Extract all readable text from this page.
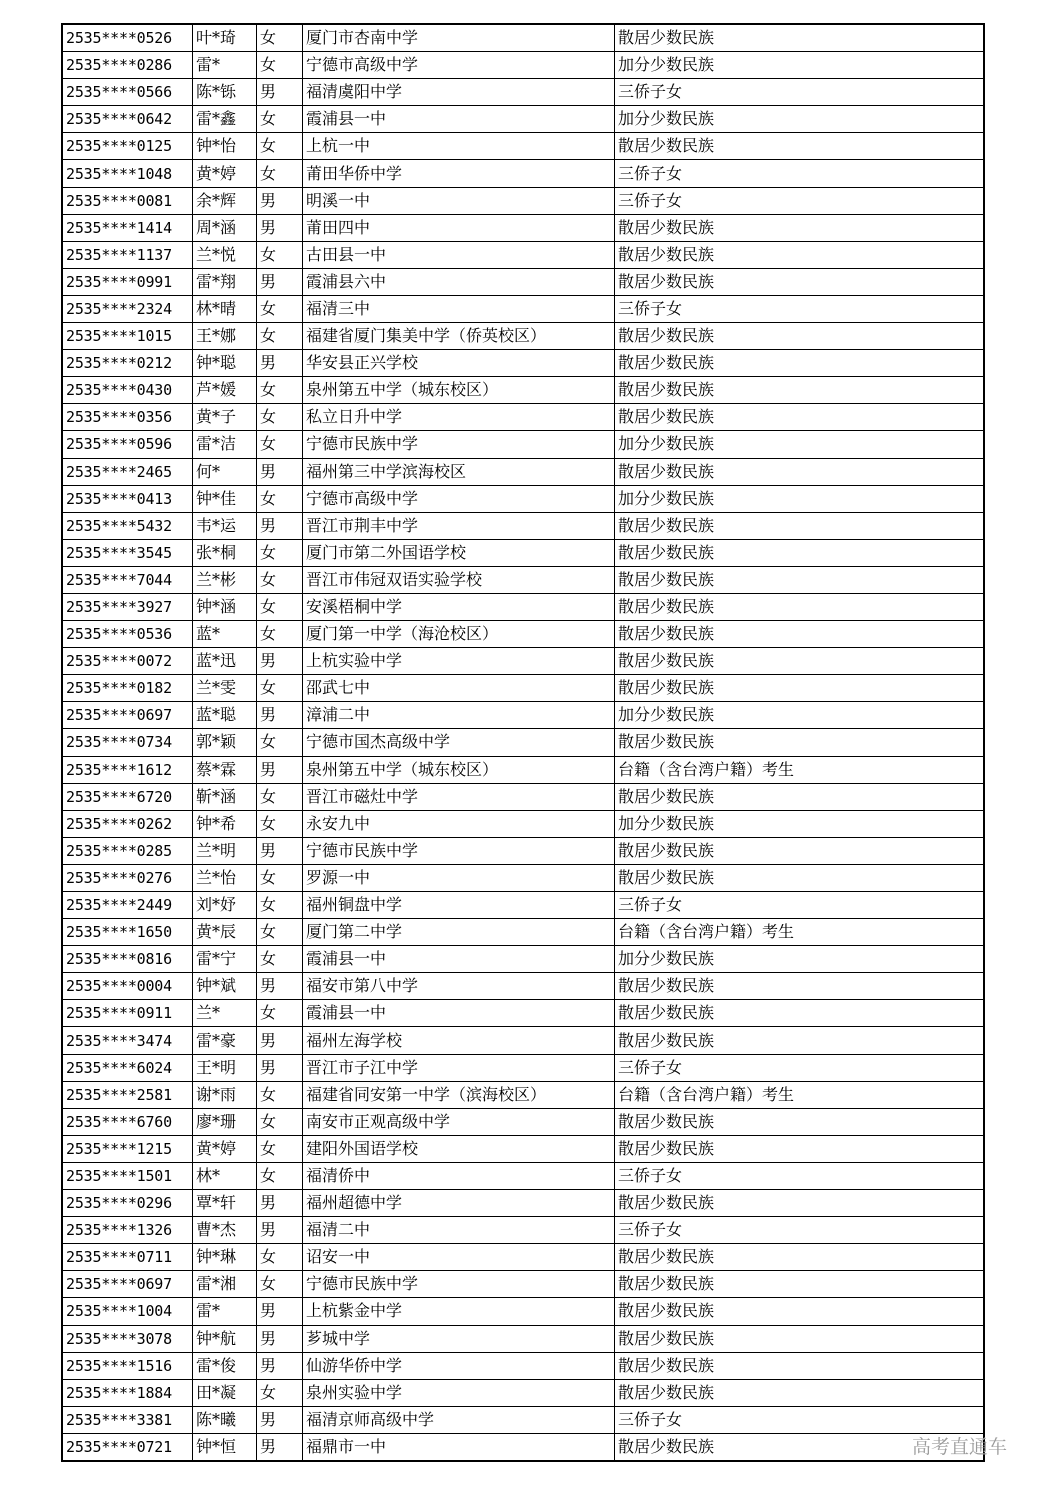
2535****0526	叶*琦	女	厦门市杏南中学	散居少数民族
2535****0286	雷*	女	宁德市高级中学	加分少数民族
2535****0566	陈*铄	男	福清虞阳中学	三侨子女
2535****0642	雷*鑫	女	霞浦县一中	加分少数民族
2535****0125	钟*怡	女	上杭一中	散居少数民族
2535****1048	黄*婷	女	莆田华侨中学	三侨子女
2535****0081	余*辉	男	明溪一中	三侨子女
2535****1414	周*涵	男	莆田四中	散居少数民族
2535****1137	兰*悦	女	古田县一中	散居少数民族
2535****0991	雷*翔	男	霞浦县六中	散居少数民族
2535****2324	林*晴	女	福清三中	三侨子女
2535****1015	王*娜	女	福建省厦门集美中学（侨英校区）	散居少数民族
2535****0212	钟*聪	男	华安县正兴学校	散居少数民族
2535****0430	芦*媛	女	泉州第五中学（城东校区）	散居少数民族
2535****0356	黄*子	女	私立日升中学	散居少数民族
2535****0596	雷*洁	女	宁德市民族中学	加分少数民族
2535****2465	何*	男	福州第三中学滨海校区	散居少数民族
2535****0413	钟*佳	女	宁德市高级中学	加分少数民族
2535****5432	韦*运	男	晋江市荆丰中学	散居少数民族
2535****3545	张*桐	女	厦门市第二外国语学校	散居少数民族
2535****7044	兰*彬	女	晋江市伟冠双语实验学校	散居少数民族
2535****3927	钟*涵	女	安溪梧桐中学	散居少数民族
2535****0536	蓝*	女	厦门第一中学（海沧校区）	散居少数民族
2535****0072	蓝*迅	男	上杭实验中学	散居少数民族
2535****0182	兰*雯	女	邵武七中	散居少数民族
2535****0697	蓝*聪	男	漳浦二中	加分少数民族
2535****0734	郭*颖	女	宁德市国杰高级中学	散居少数民族
2535****1612	蔡*霖	男	泉州第五中学（城东校区）	台籍（含台湾户籍）考生
2535****6720	靳*涵	女	晋江市磁灶中学	散居少数民族
2535****0262	钟*希	女	永安九中	加分少数民族
2535****0285	兰*明	男	宁德市民族中学	散居少数民族
2535****0276	兰*怡	女	罗源一中	散居少数民族
2535****2449	刘*妤	女	福州铜盘中学	三侨子女
2535****1650	黄*辰	女	厦门第二中学	台籍（含台湾户籍）考生
2535****0816	雷*宁	女	霞浦县一中	加分少数民族
2535****0004	钟*斌	男	福安市第八中学	散居少数民族
2535****0911	兰*	女	霞浦县一中	散居少数民族
2535****3474	雷*豪	男	福州左海学校	散居少数民族
2535****6024	王*明	男	晋江市子江中学	三侨子女
2535****2581	谢*雨	女	福建省同安第一中学（滨海校区）	台籍（含台湾户籍）考生
2535****6760	廖*珊	女	南安市正观高级中学	散居少数民族
2535****1215	黄*婷	女	建阳外国语学校	散居少数民族
2535****1501	林*	女	福清侨中	三侨子女
2535****0296	覃*轩	男	福州超德中学	散居少数民族
2535****1326	曹*杰	男	福清二中	三侨子女
2535****0711	钟*琳	女	诏安一中	散居少数民族
2535****0697	雷*湘	女	宁德市民族中学	散居少数民族
2535****1004	雷*	男	上杭紫金中学	散居少数民族
2535****3078	钟*航	男	芗城中学	散居少数民族
2535****1516	雷*俊	男	仙游华侨中学	散居少数民族
2535****1884	田*凝	女	泉州实验中学	散居少数民族
2535****3381	陈*曦	男	福清京师高级中学	三侨子女
2535****0721	钟*恒	男	福鼎市一中	散居少数民族	高考直通车
